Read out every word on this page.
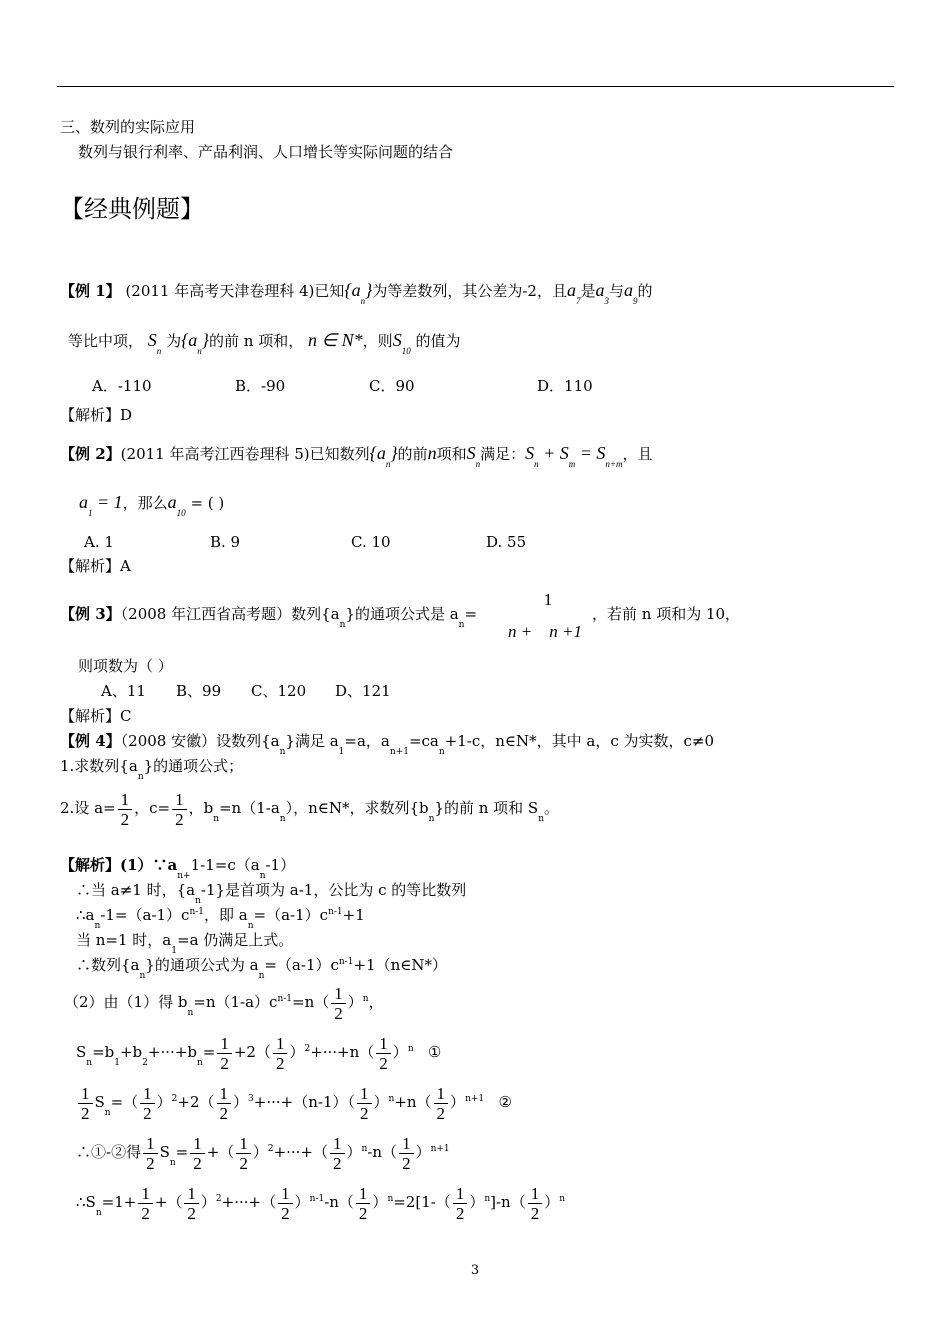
三、数列的实际应用
数列与银行利率、产品利润、人口增长等实际问题的结合
【经典例题】
【例 1】 (2011 年高考天津卷理科 4)已知$\{a_n\}$为等差数列，其公差为-2，且$a_7$是$a_3$与$a_9$的
等比中项， $S_n$ 为$\{a_n\}$的前 n 项和， n ∈ N*，则$S_{10}$ 的值为
A．-110	B．-90	C．90	D．110
【解析】D
【例 2】(2011 年高考江西卷理科 5)已知数列$\{a_n\}$的前n项和$S_n$满足：$S_n + S_m = S_{n+m}$，且
$a_1 = 1$，那么$a_{10}$ = ( )
A. 1	B. 9	C. 10	D. 55
【解析】A
【例 3】（2008 年江西省高考题）数列$\{a_n\}$的通项公式是 $a_n=$
1
n +    n +1
，若前 n 项和为 10，
则项数为（ ）
A、11 B、99 C、120 D、121
【解析】C
【例 4】（2008 安徽）设数列$\{a_n\}$满足 $a_1=a$，$a_{n+1}=ca_n+1-c$，n∈N*，其中 a，c 为实数，c≠0
1.求数列$\{a_n\}$的通项公式；
2.设 $a= \frac{1}{2}$ ，$c= \frac{1}{2}$ ，$b_n=n(1-a_n)$，n∈N*，求数列$\{b_n\}$的前 n 项和 $S_n$。
【解析】$(1)\because a_{n+}1-1=c(a_n-1)$
∴当 a≠1 时，$\{a_n-1\}$是首项为 a-1，公比为 c 的等比数列
$\therefore a_n-1=(a-1)c^{n-1}$，即 $a_n=(a-1)c^{n-1}+1$
当 n=1 时，$a_1=a$ 仍满足上式。
∴数列$\{a_n\}$的通项公式为 $a_n=(a-1)c^{n-1}+1(n\in N*)$
（2）由（1）得 $b_n=n(1-a)c^{n-1}=n( \frac{1}{2} )^n$，
$S_n=b_1+b_2+\cdot\cdot\cdot+b_n= \frac{1}{2} +2( \frac{1}{2} )^2+\cdot\cdot\cdot+n( \frac{1}{2} )^n$ ①
$\frac{1}{2} S_n=( \frac{1}{2} )^2+2( \frac{1}{2} )^3+\cdot\cdot\cdot+(n-1)( \frac{1}{2} )^n+n( \frac{1}{2} )^{n+1}$ ②
∴①-②得 $\frac{1}{2} S_n= \frac{1}{2}$ +（ $\frac{1}{2} )^2+\cdot\cdot\cdot+( \frac{1}{2} )^n-n( \frac{1}{2} )^{n+1}$
$\therefore S_n=1+ \frac{1}{2}$ +（ $\frac{1}{2} )^2+\cdot\cdot\cdot+( \frac{1}{2} )^{n-1}-n( \frac{1}{2} )^n=2[1-( \frac{1}{2} )^n]-n( \frac{1}{2} )^n$
3
